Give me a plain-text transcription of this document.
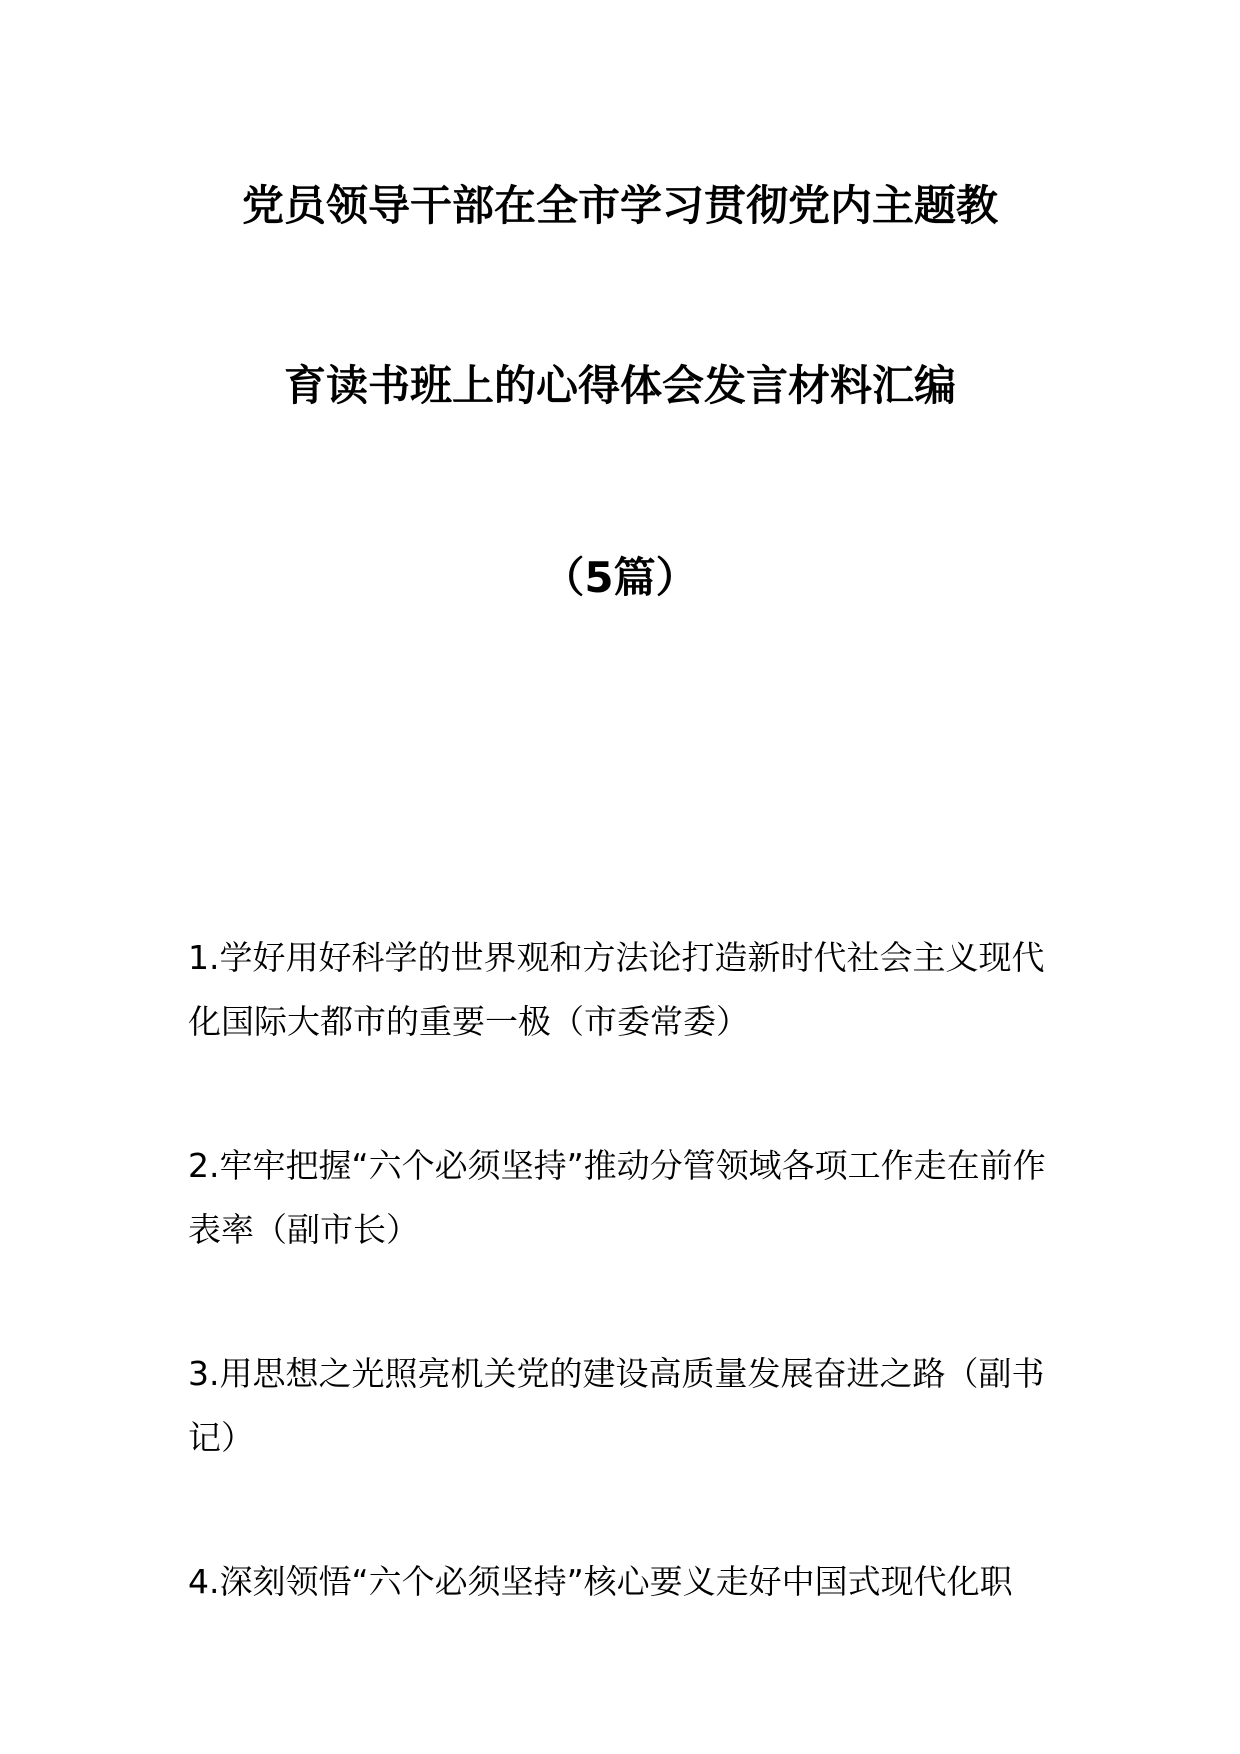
党员领导干部在全市学习贯彻党内主题教
育读书班上的心得体会发言材料汇编
（5篇）
1.学好用好科学的世界观和方法论打造新时代社会主义现代化国际大都市的重要一极（市委常委）
2.牢牢把握“六个必须坚持”推动分管领域各项工作走在前作表率（副市长）
3.用思想之光照亮机关党的建设高质量发展奋进之路（副书记）
4.深刻领悟“六个必须坚持”核心要义走好中国式现代化职
